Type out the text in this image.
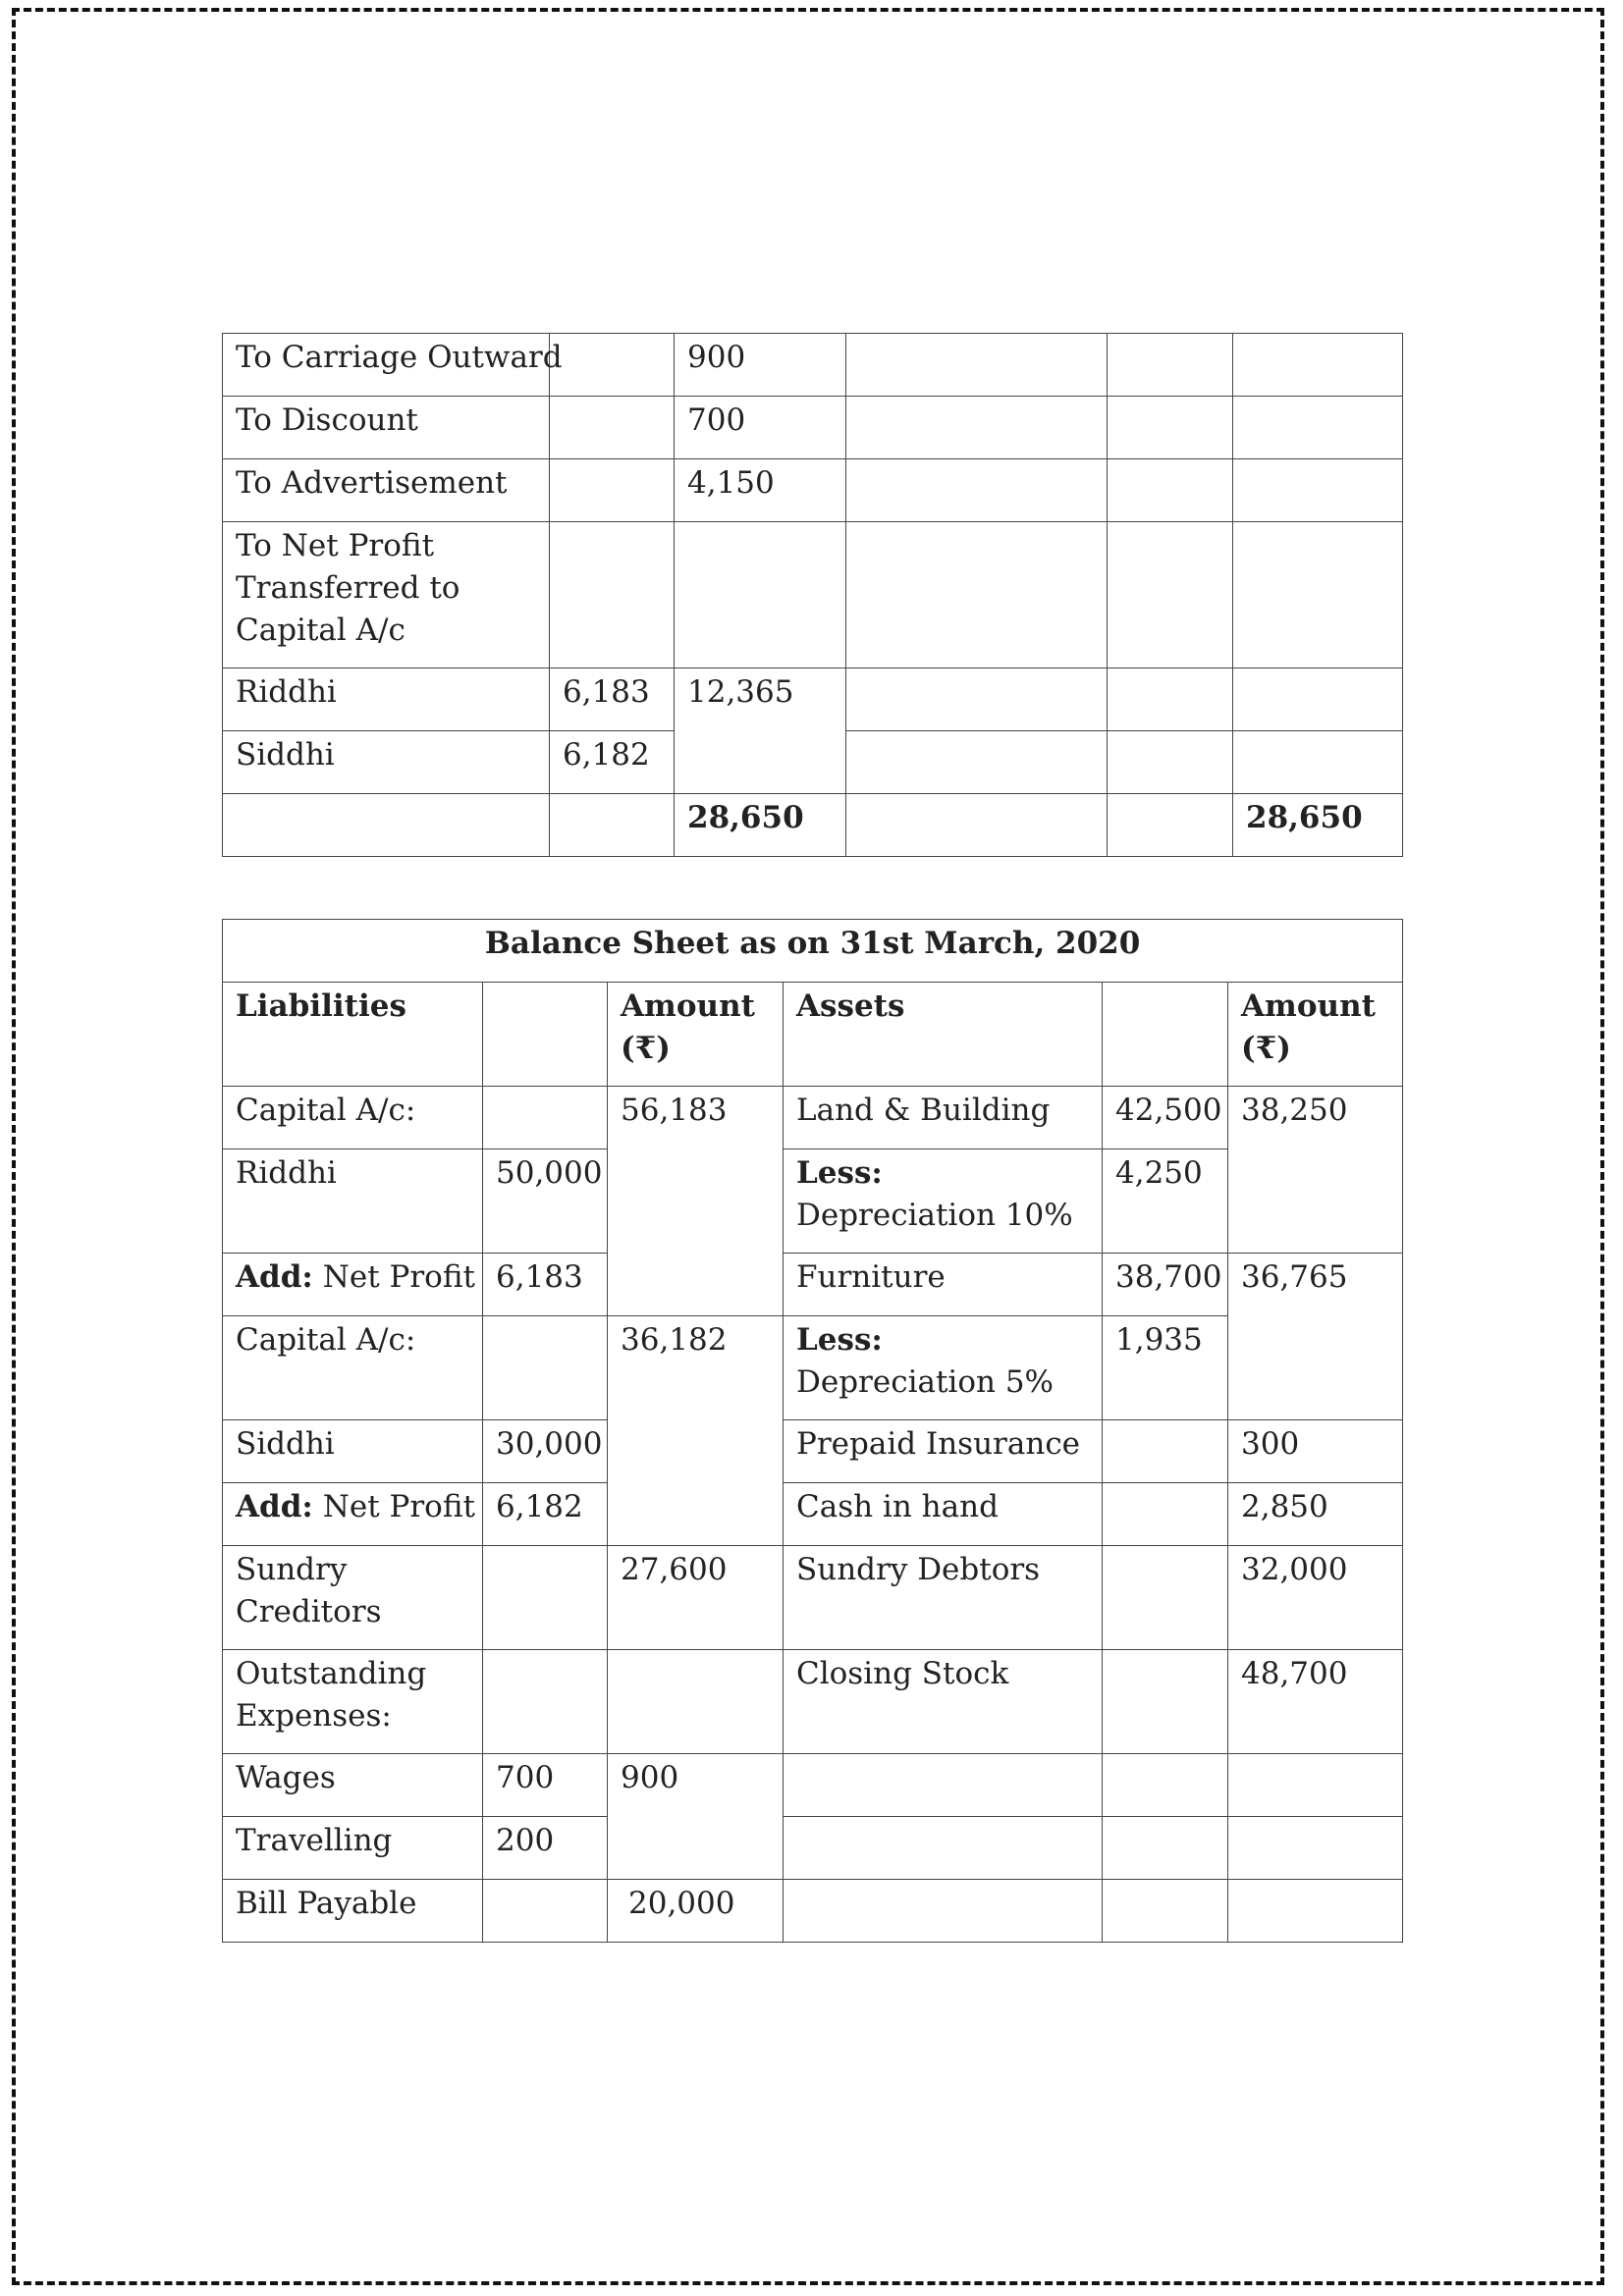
To Carriage Outward		900			
To Discount		700			
To Advertisement		4,150			
To Net Profit Transferred to Capital A/c					
Riddhi	6,183	12,365			
Siddhi	6,182				
		28,650			28,650
Balance Sheet as on 31st March, 2020					
Liabilities		Amount (₹)	Assets		Amount (₹)
Capital A/c:		56,183	Land & Building	42,500	38,250
Riddhi	50,000		Less: Depreciation 10%	4,250	
Add: Net Profit	6,183		Furniture	38,700	36,765
Capital A/c:		36,182	Less: Depreciation 5%	1,935	
Siddhi	30,000		Prepaid Insurance		300
Add: Net Profit	6,182		Cash in hand		2,850
Sundry Creditors		27,600	Sundry Debtors		32,000
Outstanding Expenses:			Closing Stock		48,700
Wages	700	900			
Travelling	200				
Bill Payable		20,000			
